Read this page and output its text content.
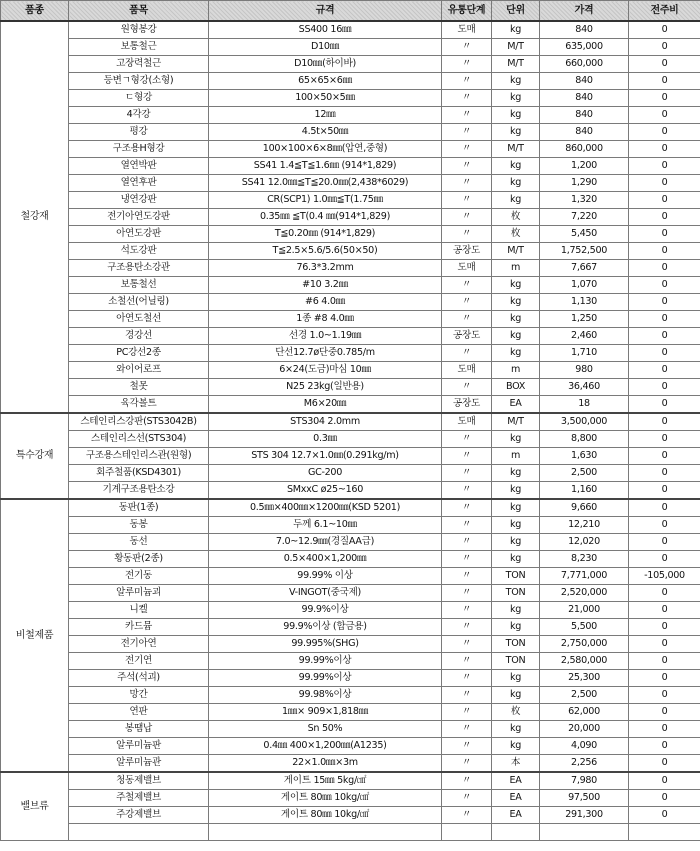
품종	품목	규격	유통단계	단위	가격	전주비
철강재	원형봉강	SS400 16㎜	도매	kg	840	0
	보통철근	D10㎜	〃	M/T	635,000	0
	고장력철근	D10㎜(하이바)	〃	M/T	660,000	0
	등변ㄱ형강(소형)	65×65×6㎜	〃	kg	840	0
	ㄷ형강	100×50×5㎜	〃	kg	840	0
	4각강	12㎜	〃	kg	840	0
	평강	4.5t×50㎜	〃	kg	840	0
	구조용H형강	100×100×6×8㎜(압연,중형)	〃	M/T	860,000	0
	열연박판	SS41 1.4≦T≦1.6㎜ (914*1,829)	〃	kg	1,200	0
	열연후판	SS41 12.0㎜≦T≦20.0㎜(2,438*6029)	〃	kg	1,290	0
	냉연강판	CR(SCP1) 1.0㎜≦T(1.75㎜	〃	kg	1,320	0
	전기아연도강판	0.35㎜ ≦T(0.4 ㎜(914*1,829)	〃	枚	7,220	0
	아연도강판	T≦0.20㎜ (914*1,829)	〃	枚	5,450	0
	석도강판	T≦2.5×5.6/5.6(50×50)	공장도	M/T	1,752,500	0
	구조용탄소강관	76.3*3.2mm	도매	m	7,667	0
	보통철선	#10 3.2㎜	〃	kg	1,070	0
	소철선(어닐링)	#6 4.0㎜	〃	kg	1,130	0
	아연도철선	1종 #8 4.0㎜	〃	kg	1,250	0
	경강선	선경 1.0~1.19㎜	공장도	kg	2,460	0
	PC강선2종	단선12.7ø단중0.785/m	〃	kg	1,710	0
	와이어로프	6×24(도금)마심 10㎜	도매	m	980	0
	철못	N25 23kg(일반용)	〃	BOX	36,460	0
	육각볼트	M6×20㎜	공장도	EA	18	0
특수강재	스테인리스강판(STS3042B)	STS304 2.0mm	도매	M/T	3,500,000	0
	스테인리스선(STS304)	0.3㎜	〃	kg	8,800	0
	구조용스테인리스관(원형)	STS 304 12.7×1.0㎜(0.291kg/m)	〃	m	1,630	0
	회주철품(KSD4301)	GC-200	〃	kg	2,500	0
	기계구조용탄소강	SMxxC ø25~160	〃	kg	1,160	0
비철제품	동판(1종)	0.5㎜×400㎜×1200㎜(KSD 5201)	〃	kg	9,660	0
	동봉	두께 6.1~10㎜	〃	kg	12,210	0
	동선	7.0~12.9㎜(경질AA급)	〃	kg	12,020	0
	황동판(2종)	0.5×400×1,200㎜	〃	kg	8,230	0
	전기동	99.99% 이상	〃	TON	7,771,000	-105,000
	알루미늄괴	V-INGOT(중국제)	〃	TON	2,520,000	0
	니켈	99.9%이상	〃	kg	21,000	0
	카드뮴	99.9%이상 (합금용)	〃	kg	5,500	0
	전기아연	99.995%(SHG)	〃	TON	2,750,000	0
	전기연	99.99%이상	〃	TON	2,580,000	0
	주석(석괴)	99.99%이상	〃	kg	25,300	0
	망간	99.98%이상	〃	kg	2,500	0
	연판	1㎜× 909×1,818㎜	〃	枚	62,000	0
	봉땜납	Sn 50%	〃	kg	20,000	0
	알루미늄판	0.4㎜ 400×1,200㎜(A1235)	〃	kg	4,090	0
	알루미늄관	22×1.0㎜×3m	〃	本	2,256	0
밸브류	청동제밸브	게이트 15㎜ 5kg/㎠	〃	EA	7,980	0
	주철제밸브	게이트 80㎜ 10kg/㎠	〃	EA	97,500	0
	주강제밸브	게이트 80㎜ 10kg/㎠	〃	EA	291,300	0
